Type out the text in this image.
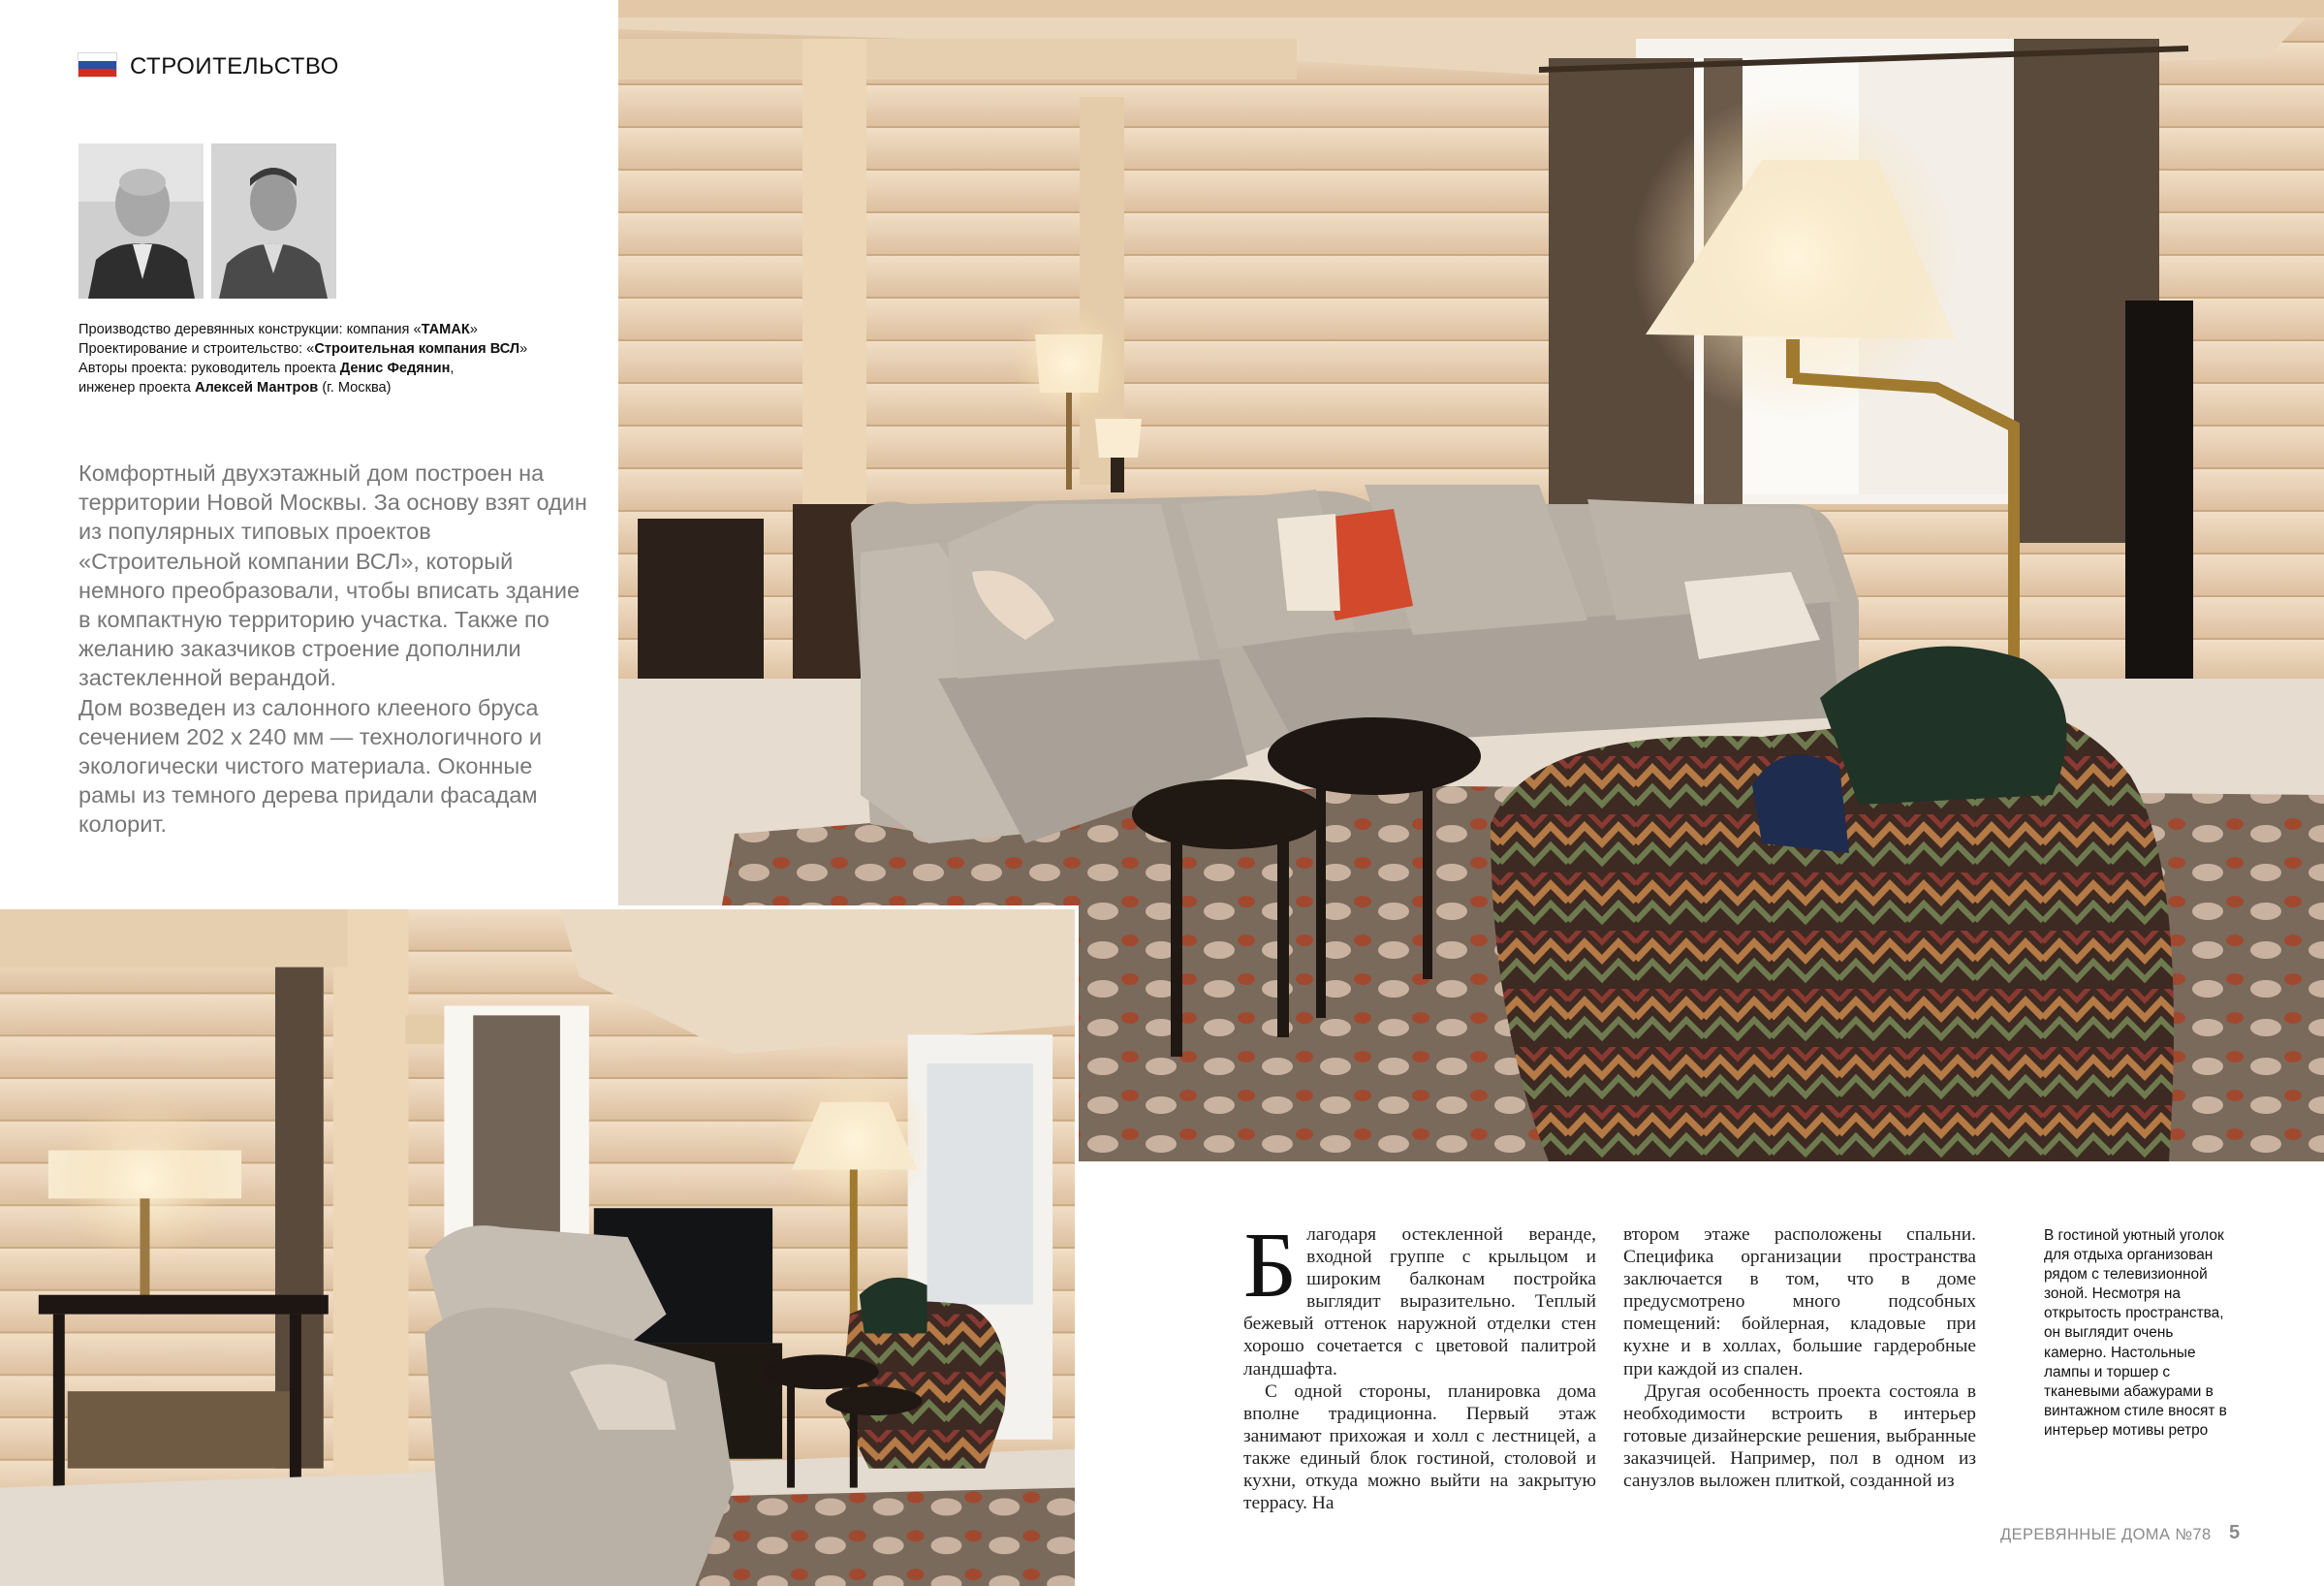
СТРОИТЕЛЬСТВО
Производство деревянных конструкции: компания «ТАМАК»
Проектирование и строительство: «Строительная компания ВСЛ»
Авторы проекта: руководитель проекта Денис Федянин,
инженер проекта Алексей Мантров (г. Москва)

Комфортный двухэтажный дом построен на территории Новой Москвы. За основу взят один из популярных типовых проектов «Строительной компании ВСЛ», который немного преобразовали, чтобы вписать здание в компактную территорию участка. Также по желанию заказчиков строение дополнили застекленной верандой.

Дом возведен из салонного клееного бруса сечением 202 х 240 мм — технологичного и экологически чистого материала. Оконные рамы из темного дерева придали фасадам колорит.

Благодаря остекленной веранде, входной группе с крыльцом и широким балконам постройка выглядит выразительно. Теплый бежевый оттенок наружной отделки стен хорошо сочетается с цветовой палитрой ландшафта.

С одной стороны, планировка дома вполне традиционна. Первый этаж занимают прихожая и холл с лестницей, а также единый блок гостиной, столовой и кухни, откуда можно выйти на закрытую террасу. На

втором этаже расположены спальни. Специфика организации пространства заключается в том, что в доме предусмотрено много подсобных помещений: бойлерная, кладовые при кухне и в холлах, большие гардеробные при каждой из спален.

Другая особенность проекта состояла в необходимости встроить в интерьер готовые дизайнерские решения, выбранные заказчицей. Например, пол в одном из санузлов выложен плиткой, созданной из

В гостиной уютный уголок для отдыха организован рядом с телевизионной зоной. Несмотря на открытость пространства, он выглядит очень камерно. Настольные лампы и торшер с тканевыми абажурами в винтажном стиле вносят в интерьер мотивы ретро
ДЕРЕВЯННЫЕ ДОМА №78 5
